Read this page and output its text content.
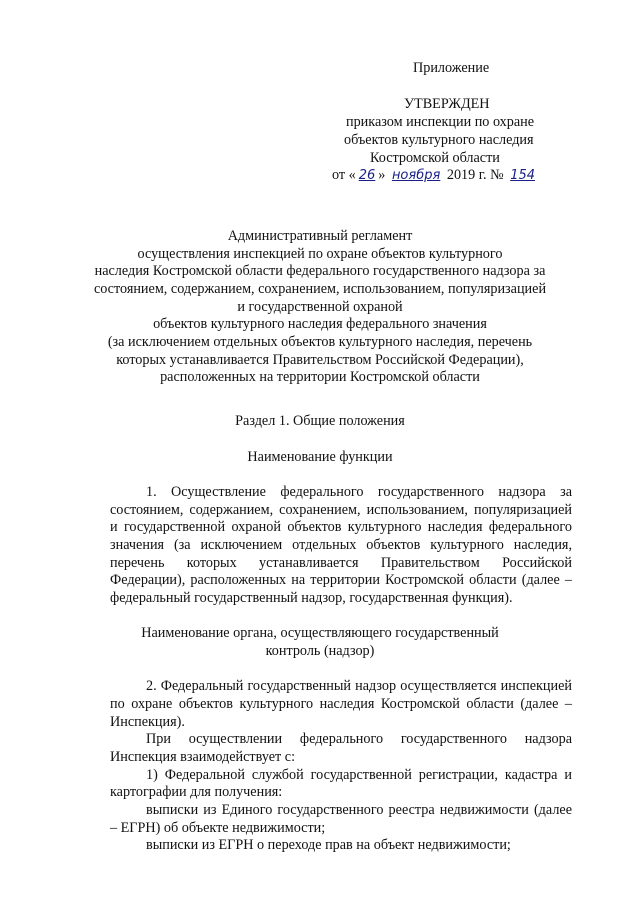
Приложение
УТВЕРЖДЕН
приказом инспекции по охране
объектов культурного наследия
Костромской области
от « 26 » ноября 2019 г. № 154
Административный регламент
осуществления инспекцией по охране объектов культурного
наследия Костромской области федерального государственного надзора за
состоянием, содержанием, сохранением, использованием, популяризацией
и государственной охраной
объектов культурного наследия федерального значения
(за исключением отдельных объектов культурного наследия, перечень
которых устанавливается Правительством Российской Федерации),
расположенных на территории Костромской области
Раздел 1. Общие положения
Наименование функции
1. Осуществление федерального государственного надзора за
состоянием, содержанием, сохранением, использованием, популяризацией
и государственной охраной объектов культурного наследия федерального
значения (за исключением отдельных объектов культурного наследия,
перечень которых устанавливается Правительством Российской
Федерации), расположенных на территории Костромской области (далее –
федеральный государственный надзор, государственная функция).
Наименование органа, осуществляющего государственный
контроль (надзор)
2. Федеральный государственный надзор осуществляется инспекцией
по охране объектов культурного наследия Костромской области (далее –
Инспекция).
При осуществлении федерального государственного надзора
Инспекция взаимодействует с:
1) Федеральной службой государственной регистрации, кадастра и
картографии для получения:
выписки из Единого государственного реестра недвижимости (далее
– ЕГРН) об объекте недвижимости;
выписки из ЕГРН о переходе прав на объект недвижимости;
